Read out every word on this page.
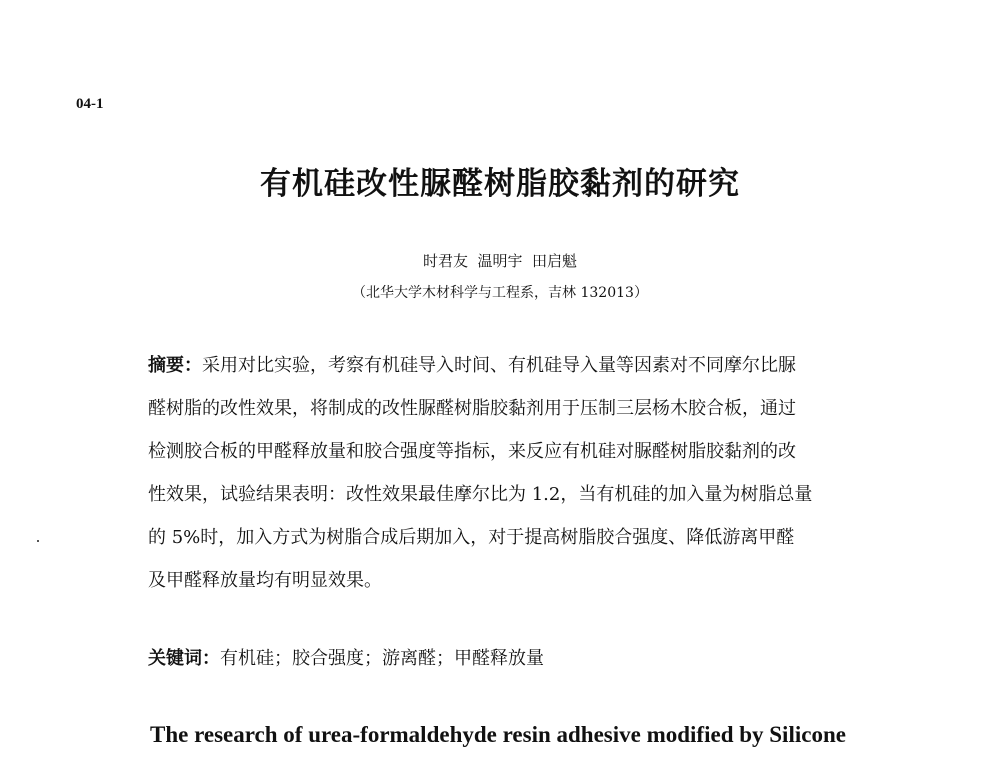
04-1
有机硅改性脲醛树脂胶黏剂的研究
时君友  温明宇  田启魁
（北华大学木材科学与工程系，吉林 132013）
摘要：采用对比实验，考察有机硅导入时间、有机硅导入量等因素对不同摩尔比脲
醛树脂的改性效果，将制成的改性脲醛树脂胶黏剂用于压制三层杨木胶合板，通过
检测胶合板的甲醛释放量和胶合强度等指标，来反应有机硅对脲醛树脂胶黏剂的改
性效果，试验结果表明：改性效果最佳摩尔比为 1.2，当有机硅的加入量为树脂总量
的 5%时，加入方式为树脂合成后期加入，对于提高树脂胶合强度、降低游离甲醛
及甲醛释放量均有明显效果。
关键词：有机硅；胶合强度；游离醛；甲醛释放量
The research of urea-formaldehyde resin adhesive modified by Silicone
